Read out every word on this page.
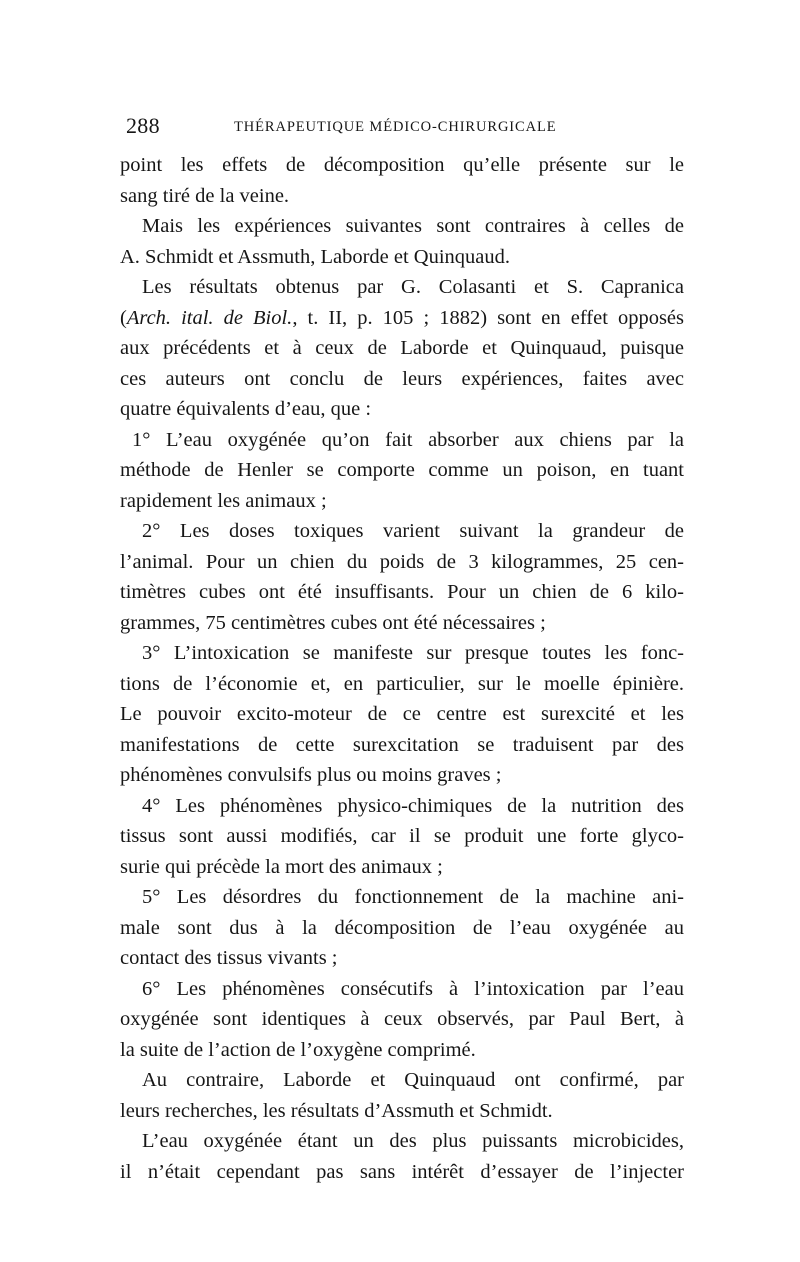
288	THÉRAPEUTIQUE MÉDICO-CHIRURGICALE
point les effets de décomposition qu’elle présente sur le
sang tiré de la veine.
Mais les expériences suivantes sont contraires à celles de
A. Schmidt et Assmuth, Laborde et Quinquaud.
Les résultats obtenus par G. Colasanti et S. Capranica
(Arch. ital. de Biol., t. II, p. 105 ; 1882) sont en effet opposés
aux précédents et à ceux de Laborde et Quinquaud, puisque
ces auteurs ont conclu de leurs expériences, faites avec
quatre équivalents d’eau, que :
1° L’eau oxygénée qu’on fait absorber aux chiens par la
méthode de Henler se comporte comme un poison, en tuant
rapidement les animaux ;
2° Les doses toxiques varient suivant la grandeur de
l’animal. Pour un chien du poids de 3 kilogrammes, 25 cen-
timètres cubes ont été insuffisants. Pour un chien de 6 kilo-
grammes, 75 centimètres cubes ont été nécessaires ;
3° L’intoxication se manifeste sur presque toutes les fonc-
tions de l’économie et, en particulier, sur le moelle épinière.
Le pouvoir excito-moteur de ce centre est surexcité et les
manifestations de cette surexcitation se traduisent par des
phénomènes convulsifs plus ou moins graves ;
4° Les phénomènes physico-chimiques de la nutrition des
tissus sont aussi modifiés, car il se produit une forte glyco-
surie qui précède la mort des animaux ;
5° Les désordres du fonctionnement de la machine ani-
male sont dus à la décomposition de l’eau oxygénée au
contact des tissus vivants ;
6° Les phénomènes consécutifs à l’intoxication par l’eau
oxygénée sont identiques à ceux observés, par Paul Bert, à
la suite de l’action de l’oxygène comprimé.
Au contraire, Laborde et Quinquaud ont confirmé, par
leurs recherches, les résultats d’Assmuth et Schmidt.
L’eau oxygénée étant un des plus puissants microbicides,
il n’était cependant pas sans intérêt d’essayer de l’injecter
